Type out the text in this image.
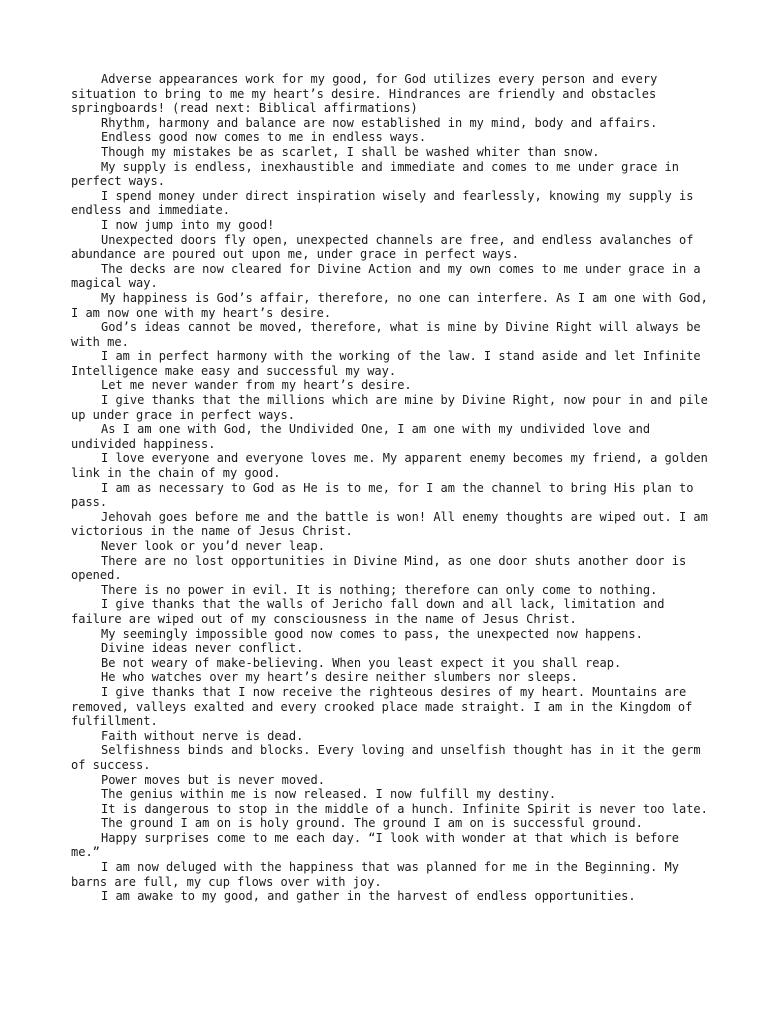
Adverse appearances work for my good, for God utilizes every person and every situation to bring to me my heart’s desire. Hindrances are friendly and obstacles springboards! (read next: Biblical affirmations)

Rhythm, harmony and balance are now established in my mind, body and affairs.

Endless good now comes to me in endless ways.

Though my mistakes be as scarlet, I shall be washed whiter than snow.

My supply is endless, inexhaustible and immediate and comes to me under grace in perfect ways.

I spend money under direct inspiration wisely and fearlessly, knowing my supply is endless and immediate.

I now jump into my good!

Unexpected doors fly open, unexpected channels are free, and endless avalanches of abundance are poured out upon me, under grace in perfect ways.

The decks are now cleared for Divine Action and my own comes to me under grace in a magical way.

My happiness is God’s affair, therefore, no one can interfere. As I am one with God, I am now one with my heart’s desire.

God’s ideas cannot be moved, therefore, what is mine by Divine Right will always be with me.

I am in perfect harmony with the working of the law. I stand aside and let Infinite Intelligence make easy and successful my way.

Let me never wander from my heart’s desire.

I give thanks that the millions which are mine by Divine Right, now pour in and pile up under grace in perfect ways.

As I am one with God, the Undivided One, I am one with my undivided love and undivided happiness.

I love everyone and everyone loves me. My apparent enemy becomes my friend, a golden link in the chain of my good.

I am as necessary to God as He is to me, for I am the channel to bring His plan to pass.

Jehovah goes before me and the battle is won! All enemy thoughts are wiped out. I am victorious in the name of Jesus Christ.

Never look or you’d never leap.

There are no lost opportunities in Divine Mind, as one door shuts another door is opened.

There is no power in evil. It is nothing; therefore can only come to nothing.

I give thanks that the walls of Jericho fall down and all lack, limitation and failure are wiped out of my consciousness in the name of Jesus Christ.

My seemingly impossible good now comes to pass, the unexpected now happens.

Divine ideas never conflict.

Be not weary of make-believing. When you least expect it you shall reap.

He who watches over my heart’s desire neither slumbers nor sleeps.

I give thanks that I now receive the righteous desires of my heart. Mountains are removed, valleys exalted and every crooked place made straight. I am in the Kingdom of fulfillment.

Faith without nerve is dead.

Selfishness binds and blocks. Every loving and unselfish thought has in it the germ of success.

Power moves but is never moved.

The genius within me is now released. I now fulfill my destiny.

It is dangerous to stop in the middle of a hunch. Infinite Spirit is never too late.

The ground I am on is holy ground. The ground I am on is successful ground.

Happy surprises come to me each day. “I look with wonder at that which is before me.”

I am now deluged with the happiness that was planned for me in the Beginning. My barns are full, my cup flows over with joy.

I am awake to my good, and gather in the harvest of endless opportunities.
